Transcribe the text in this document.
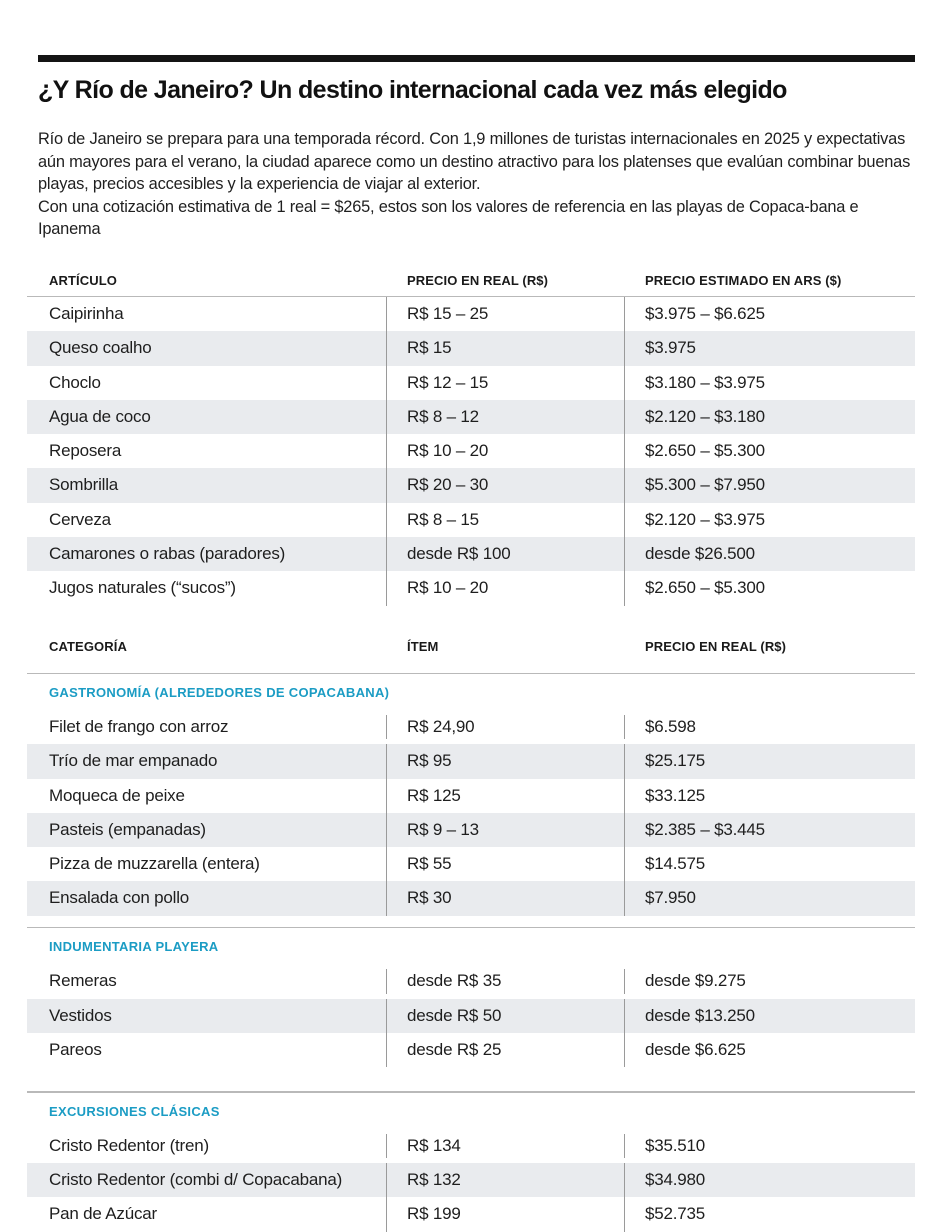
¿Y Río de Janeiro? Un destino internacional cada vez más elegido

Río de Janeiro se prepara para una temporada récord. Con 1,9 millones de turistas internacionales en 2025 y expectativas aún mayores para el verano, la ciudad aparece como un destino atractivo para los platenses que evalúan combinar buenas playas, precios accesibles y la experiencia de viajar al exterior.

Con una cotización estimativa de 1 real = $265, estos son los valores de referencia en las playas de Copaca-bana e Ipanema

ARTÍCULO	PRECIO EN REAL (R$)	PRECIO ESTIMADO EN ARS ($)
Caipirinha	R$ 15 – 25	$3.975 – $6.625
Queso coalho	R$ 15	$3.975
Choclo	R$ 12 – 15	$3.180 – $3.975
Agua de coco	R$ 8 – 12	$2.120 – $3.180
Reposera	R$ 10 – 20	$2.650 – $5.300
Sombrilla	R$ 20 – 30	$5.300 – $7.950
Cerveza	R$ 8 – 15	$2.120 – $3.975
Camarones o rabas (paradores)	desde R$ 100	desde $26.500
Jugos naturales (“sucos”)	R$ 10 – 20	$2.650 – $5.300
CATEGORÍA	ÍTEM	PRECIO EN REAL (R$)
GASTRONOMÍA (ALREDEDORES DE COPACABANA)
Filet de frango con arroz	R$ 24,90	$6.598
Trío de mar empanado	R$ 95	$25.175
Moqueca de peixe	R$ 125	$33.125
Pasteis (empanadas)	R$ 9 – 13	$2.385 – $3.445
Pizza de muzzarella (entera)	R$ 55	$14.575
Ensalada con pollo	R$ 30	$7.950
INDUMENTARIA PLAYERA
Remeras	desde R$ 35	desde $9.275
Vestidos	desde R$ 50	desde $13.250
Pareos	desde R$ 25	desde $6.625
EXCURSIONES CLÁSICAS
Cristo Redentor (tren)	R$ 134	$35.510
Cristo Redentor (combi d/ Copacabana)	R$ 132	$34.980
Pan de Azúcar	R$ 199	$52.735
